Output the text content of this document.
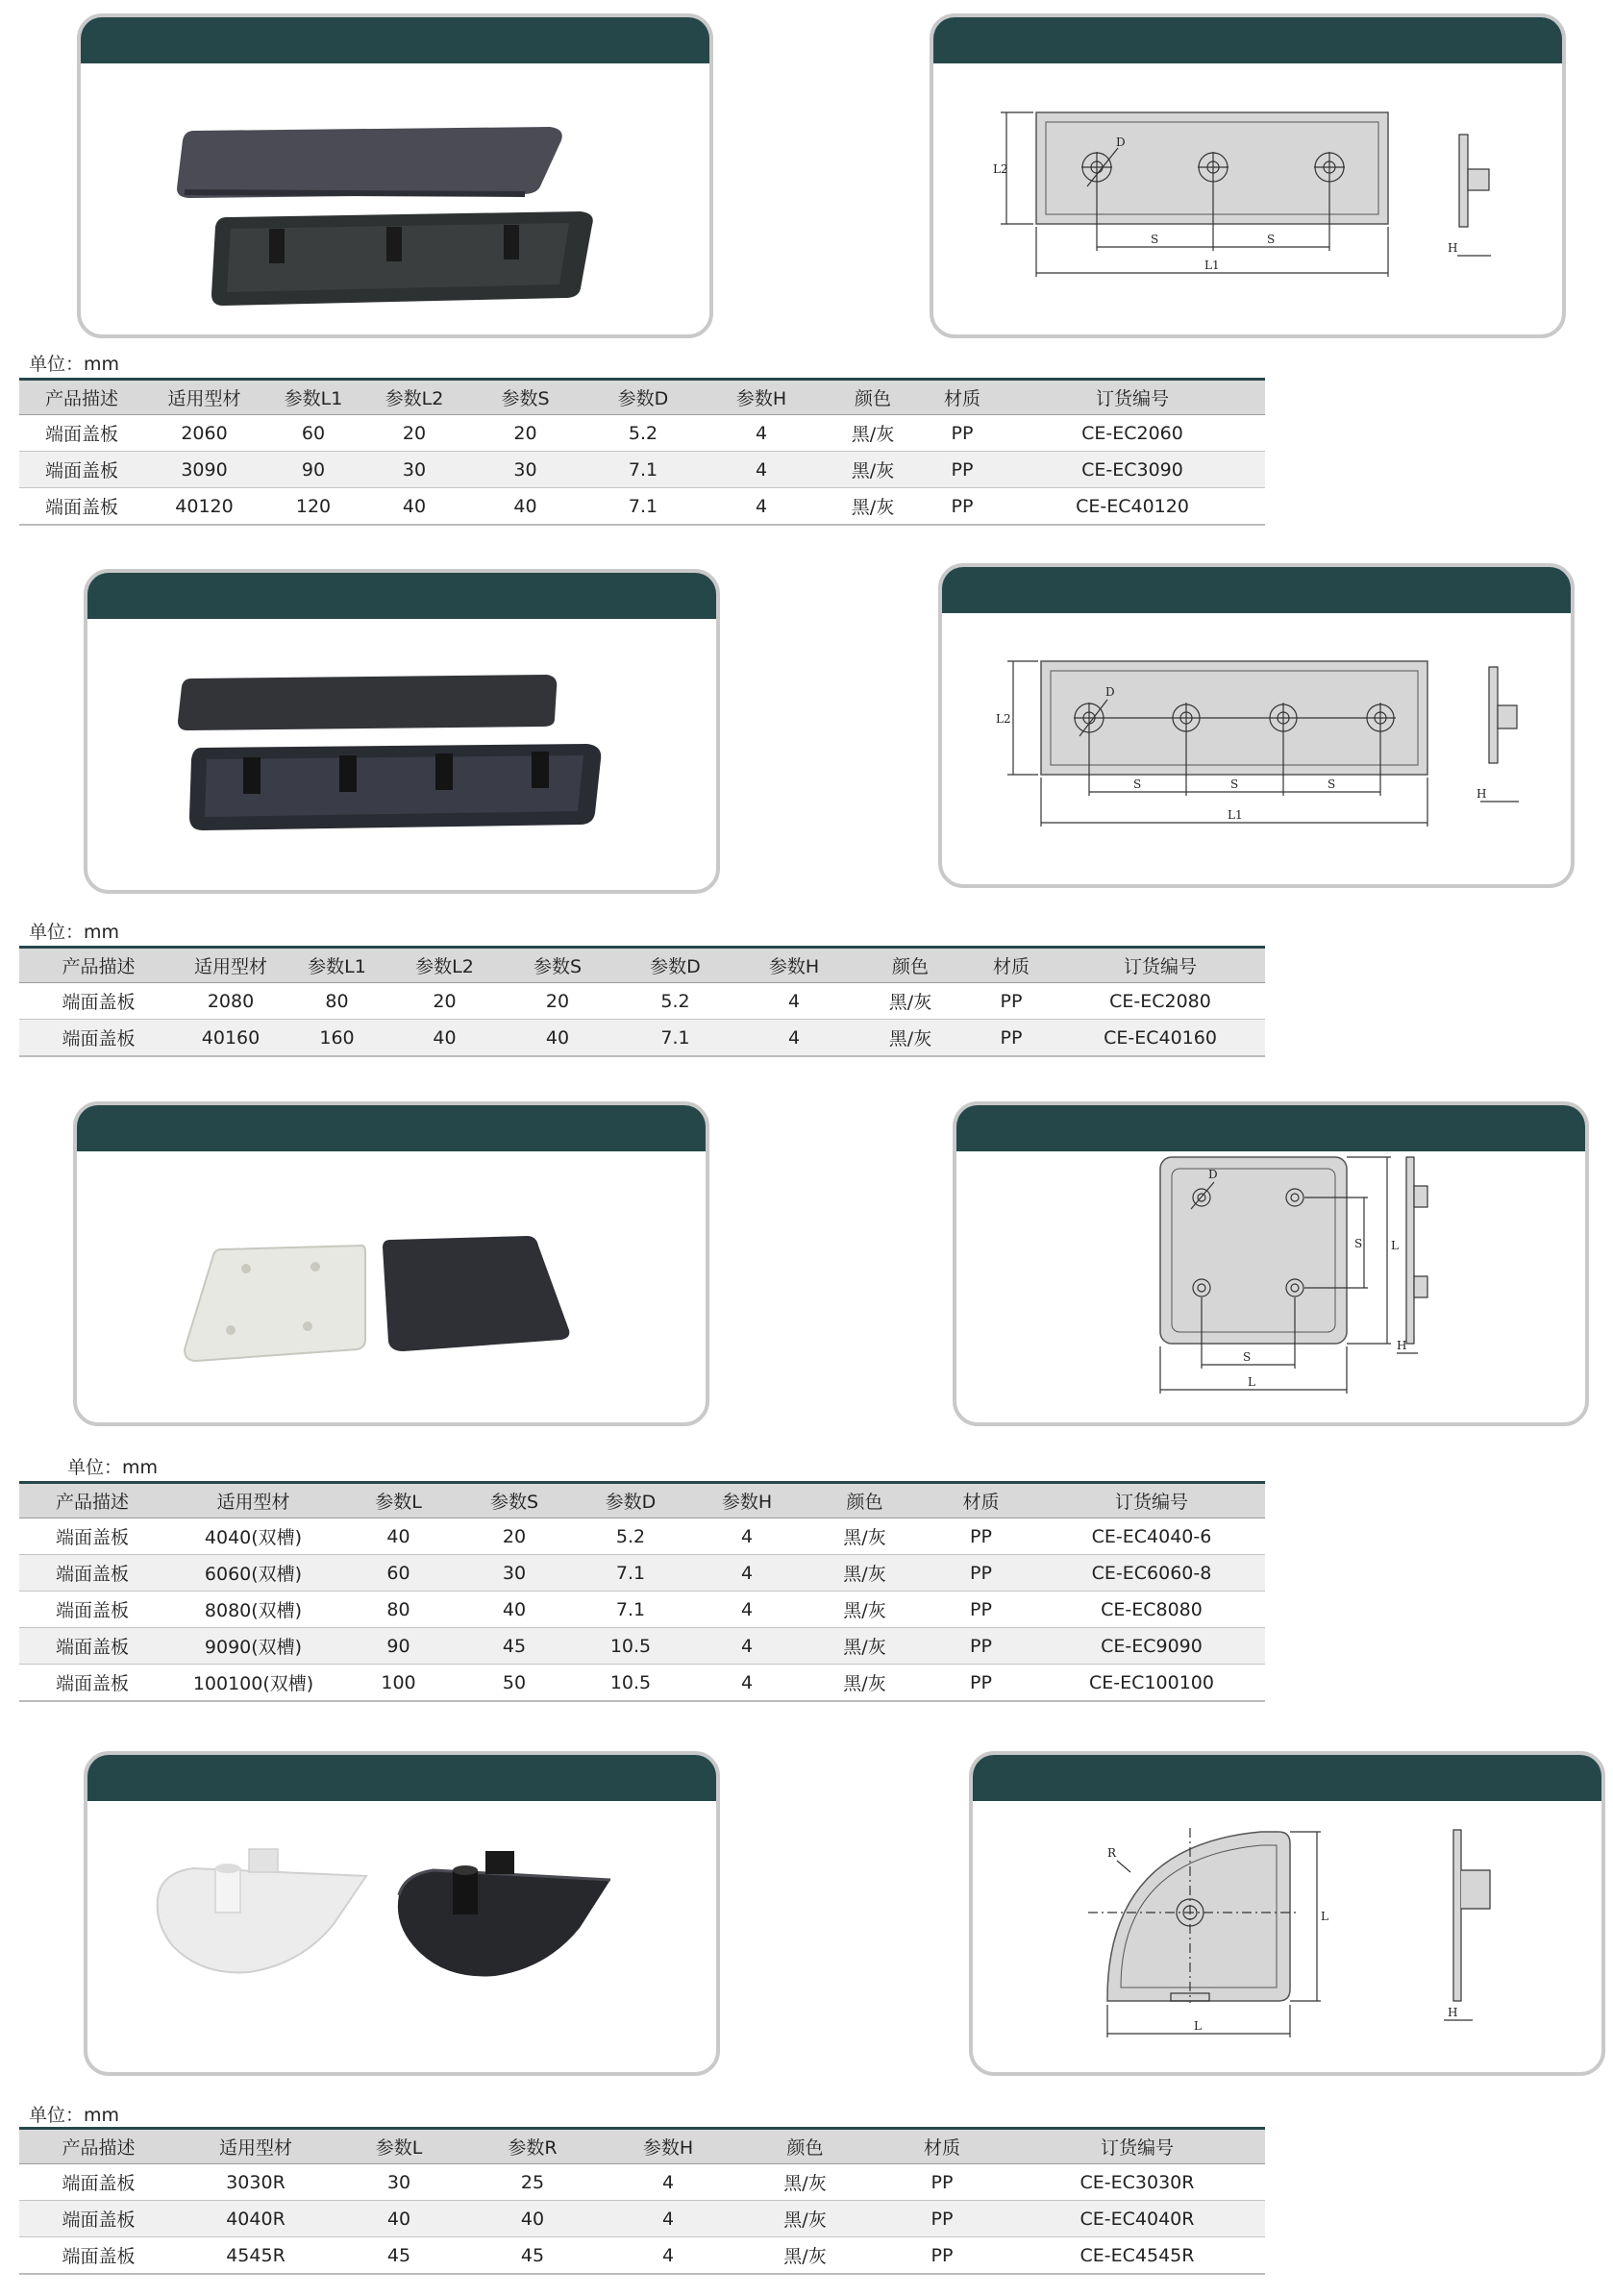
D
S	S
L1
L2
H
单位：mm
产品描述	适用型材	参数L1	参数L2	参数S	参数D	参数H	颜色	材质	订货编号
端面盖板	2060	60	20	20	5.2	4	黑/灰	PP	CE-EC2060
端面盖板	3090	90	30	30	7.1	4	黑/灰	PP	CE-EC3090
端面盖板	40120	120	40	40	7.1	4	黑/灰	PP	CE-EC40120
D
S	S	S
L1
L2
H
单位：mm
产品描述	适用型材	参数L1	参数L2	参数S	参数D	参数H	颜色	材质	订货编号
端面盖板	2080	80	20	20	5.2	4	黑/灰	PP	CE-EC2080
端面盖板	40160	160	40	40	7.1	4	黑/灰	PP	CE-EC40160
D
S L
S
L
H
单位：mm
产品描述	适用型材	参数L	参数S	参数D	参数H	颜色	材质	订货编号
端面盖板	4040(双槽)	40	20	5.2	4	黑/灰	PP	CE-EC4040-6
端面盖板	6060(双槽)	60	30	7.1	4	黑/灰	PP	CE-EC6060-8
端面盖板	8080(双槽)	80	40	7.1	4	黑/灰	PP	CE-EC8080
端面盖板	9090(双槽)	90	45	10.5	4	黑/灰	PP	CE-EC9090
端面盖板	100100(双槽)	100	50	10.5	4	黑/灰	PP	CE-EC100100
R
L
L
H
单位：mm
产品描述	适用型材	参数L	参数R	参数H	颜色	材质	订货编号
端面盖板	3030R	30	25	4	黑/灰	PP	CE-EC3030R
端面盖板	4040R	40	40	4	黑/灰	PP	CE-EC4040R
端面盖板	4545R	45	45	4	黑/灰	PP	CE-EC4545R
